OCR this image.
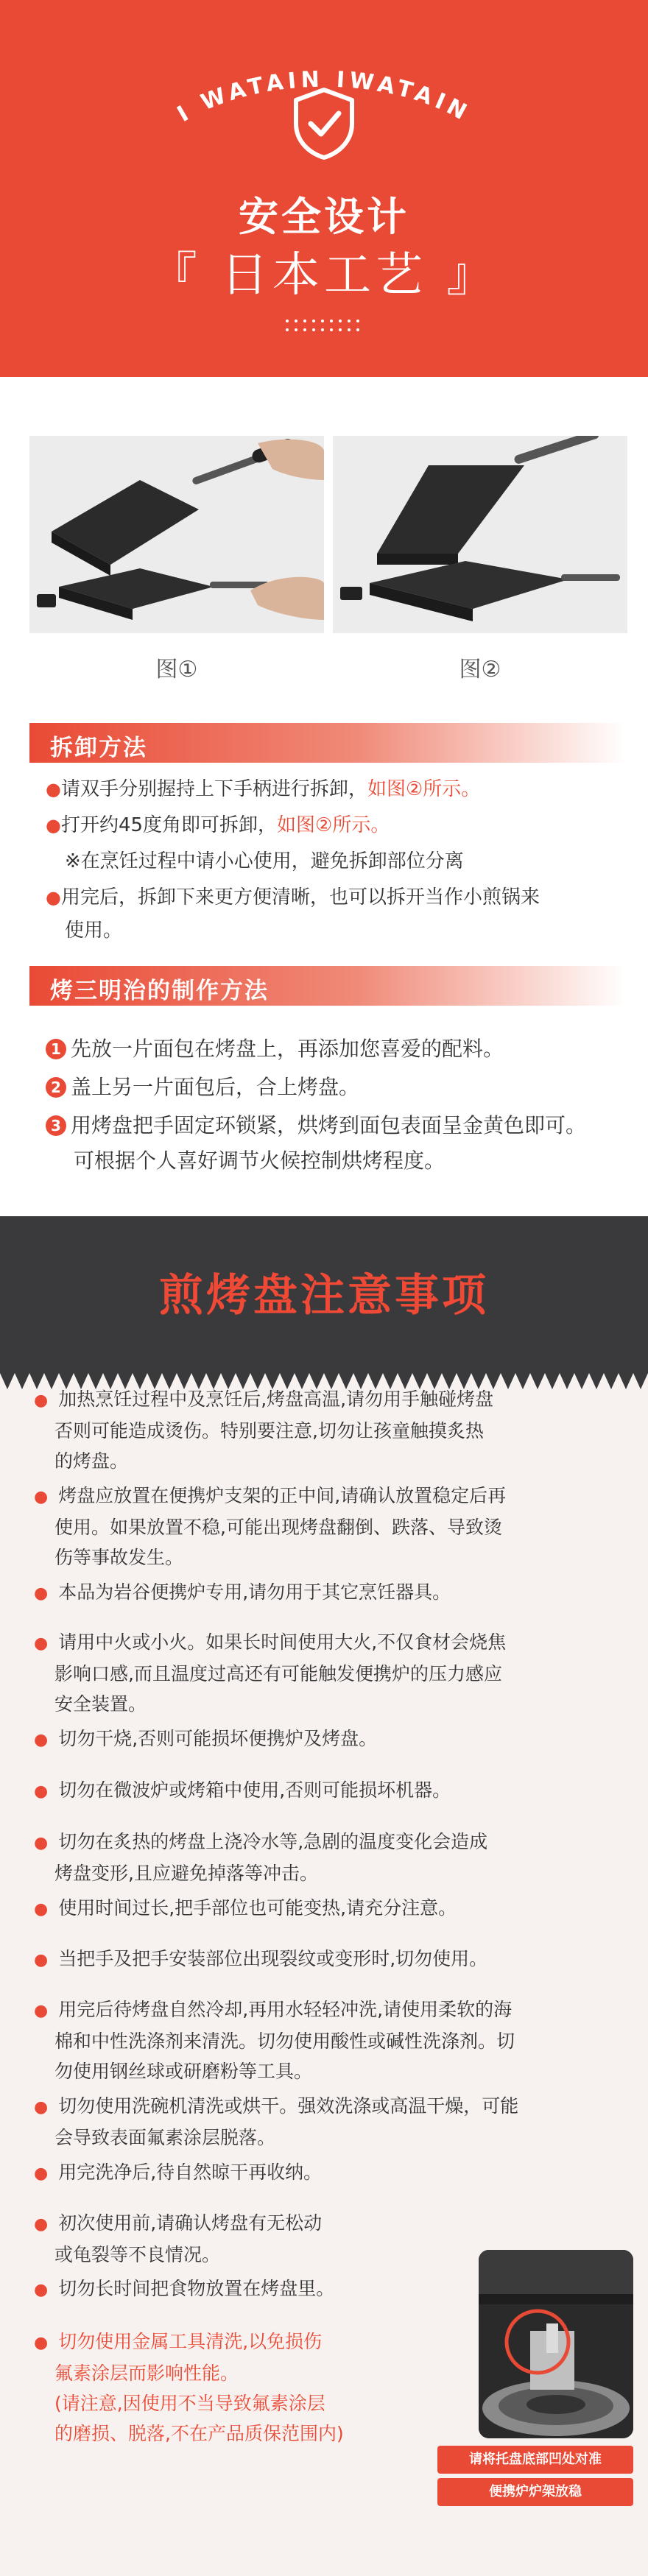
I WATAIN IWATAIN
安全设计
『 日本工艺 』
图①	图②
拆卸方法
●请双手分别握持上下手柄进行拆卸，如图②所示。
●打开约45度角即可拆卸，如图②所示。
※在烹饪过程中请小心使用，避免拆卸部位分离
●用完后，拆卸下来更方便清晰，也可以拆开当作小煎锅来
使用。
烤三明治的制作方法
1 先放一片面包在烤盘上，再添加您喜爱的配料。
2 盖上另一片面包后，合上烤盘。
3 用烤盘把手固定环锁紧，烘烤到面包表面呈金黄色即可。
可根据个人喜好调节火候控制烘烤程度。
煎烤盘注意事项
● 加热烹饪过程中及烹饪后,烤盘高温,请勿用手触碰烤盘
否则可能造成烫伤。特别要注意,切勿让孩童触摸炙热
的烤盘。
● 烤盘应放置在便携炉支架的正中间,请确认放置稳定后再
使用。如果放置不稳,可能出现烤盘翻倒、跌落、导致烫
伤等事故发生。
● 本品为岩谷便携炉专用,请勿用于其它烹饪器具。
● 请用中火或小火。如果长时间使用大火,不仅食材会烧焦
影响口感,而且温度过高还有可能触发便携炉的压力感应
安全装置。
● 切勿干烧,否则可能损坏便携炉及烤盘。
● 切勿在微波炉或烤箱中使用,否则可能损坏机器。
● 切勿在炙热的烤盘上浇冷水等,急剧的温度变化会造成
烤盘变形,且应避免掉落等冲击。
● 使用时间过长,把手部位也可能变热,请充分注意。
● 当把手及把手安装部位出现裂纹或变形时,切勿使用。
● 用完后待烤盘自然冷却,再用水轻轻冲洗,请使用柔软的海
棉和中性洗涤剂来清洗。切勿使用酸性或碱性洗涤剂。切
勿使用钢丝球或研磨粉等工具。
● 切勿使用洗碗机清洗或烘干。强效洗涤或高温干燥，可能
会导致表面氟素涂层脱落。
● 用完洗净后,待自然晾干再收纳。
● 初次使用前,请确认烤盘有无松动
或龟裂等不良情况。
● 切勿长时间把食物放置在烤盘里。
● 切勿使用金属工具清洗,以免损伤
氟素涂层而影响性能。
(请注意,因使用不当导致氟素涂层
的磨损、脱落,不在产品质保范围内)
请将托盘底部凹处对准
便携炉炉架放稳
